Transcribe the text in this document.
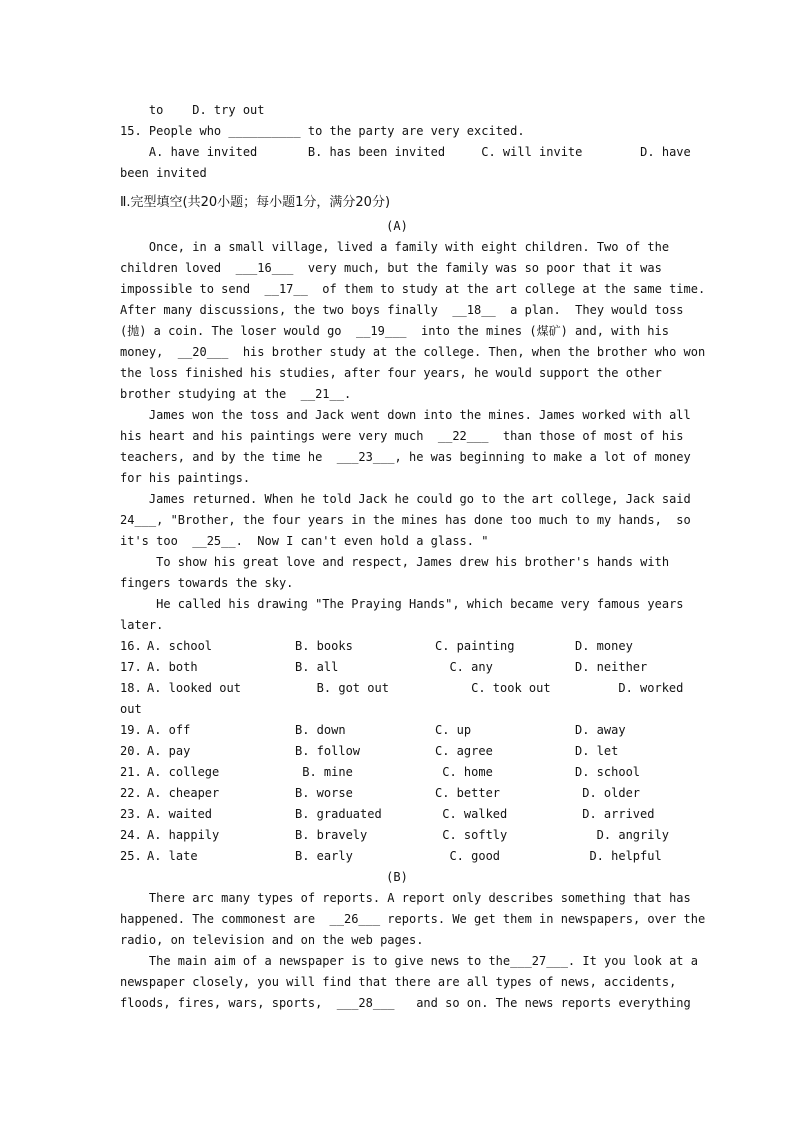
to    D. try out
15. People who __________ to the party are very excited.
A. have invited       B. has been invited     C. will invite        D. have
been invited
Ⅱ.完型填空(共20小题；每小题1分，满分20分)
(A)
Once, in a small village, lived a family with eight children. Two of the
children loved  ___16___  very much, but the family was so poor that it was
impossible to send  __17__  of them to study at the art college at the same time.
After many discussions, the two boys finally  __18__  a plan.  They would toss
(抛) a coin. The loser would go  __19___  into the mines (煤矿) and, with his
money,  __20___  his brother study at the college. Then, when the brother who won
the loss finished his studies, after four years, he would support the other
brother studying at the  __21__.
James won the toss and Jack went down into the mines. James worked with all
his heart and his paintings were very much  __22___  than those of most of his
teachers, and by the time he  ___23___, he was beginning to make a lot of money
for his paintings.
James returned. When he told Jack he could go to the art college, Jack said
24___, "Brother, the four years in the mines has done too much to my hands,  so
it's too  __25__.  Now I can't even hold a glass. "
To show his great love and respect, James drew his brother's hands with
fingers towards the sky.
He called his drawing "The Praying Hands", which became very famous years
later.
16. A. school	B. books	C. painting	D. money
17. A. both	B. all	C. any	D. neither
18. A. looked out	B. got out	C. took out	D. worked
out
19. A. off	B. down	C. up	D. away
20. A. pay	B. follow	C. agree	D. let
21. A. college	B. mine	C. home	D. school
22. A. cheaper	B. worse	C. better	D. older
23. A. waited	B. graduated	C. walked	D. arrived
24. A. happily	B. bravely	C. softly	D. angrily
25. A. late	B. early	C. good	D. helpful
(B)
There arc many types of reports. A report only describes something that has
happened. The commonest are  __26___ reports. We get them in newspapers, over the
radio, on television and on the web pages.
The main aim of a newspaper is to give news to the___27___. It you look at a
newspaper closely, you will find that there are all types of news, accidents,
floods, fires, wars, sports,  ___28___   and so on. The news reports everything
